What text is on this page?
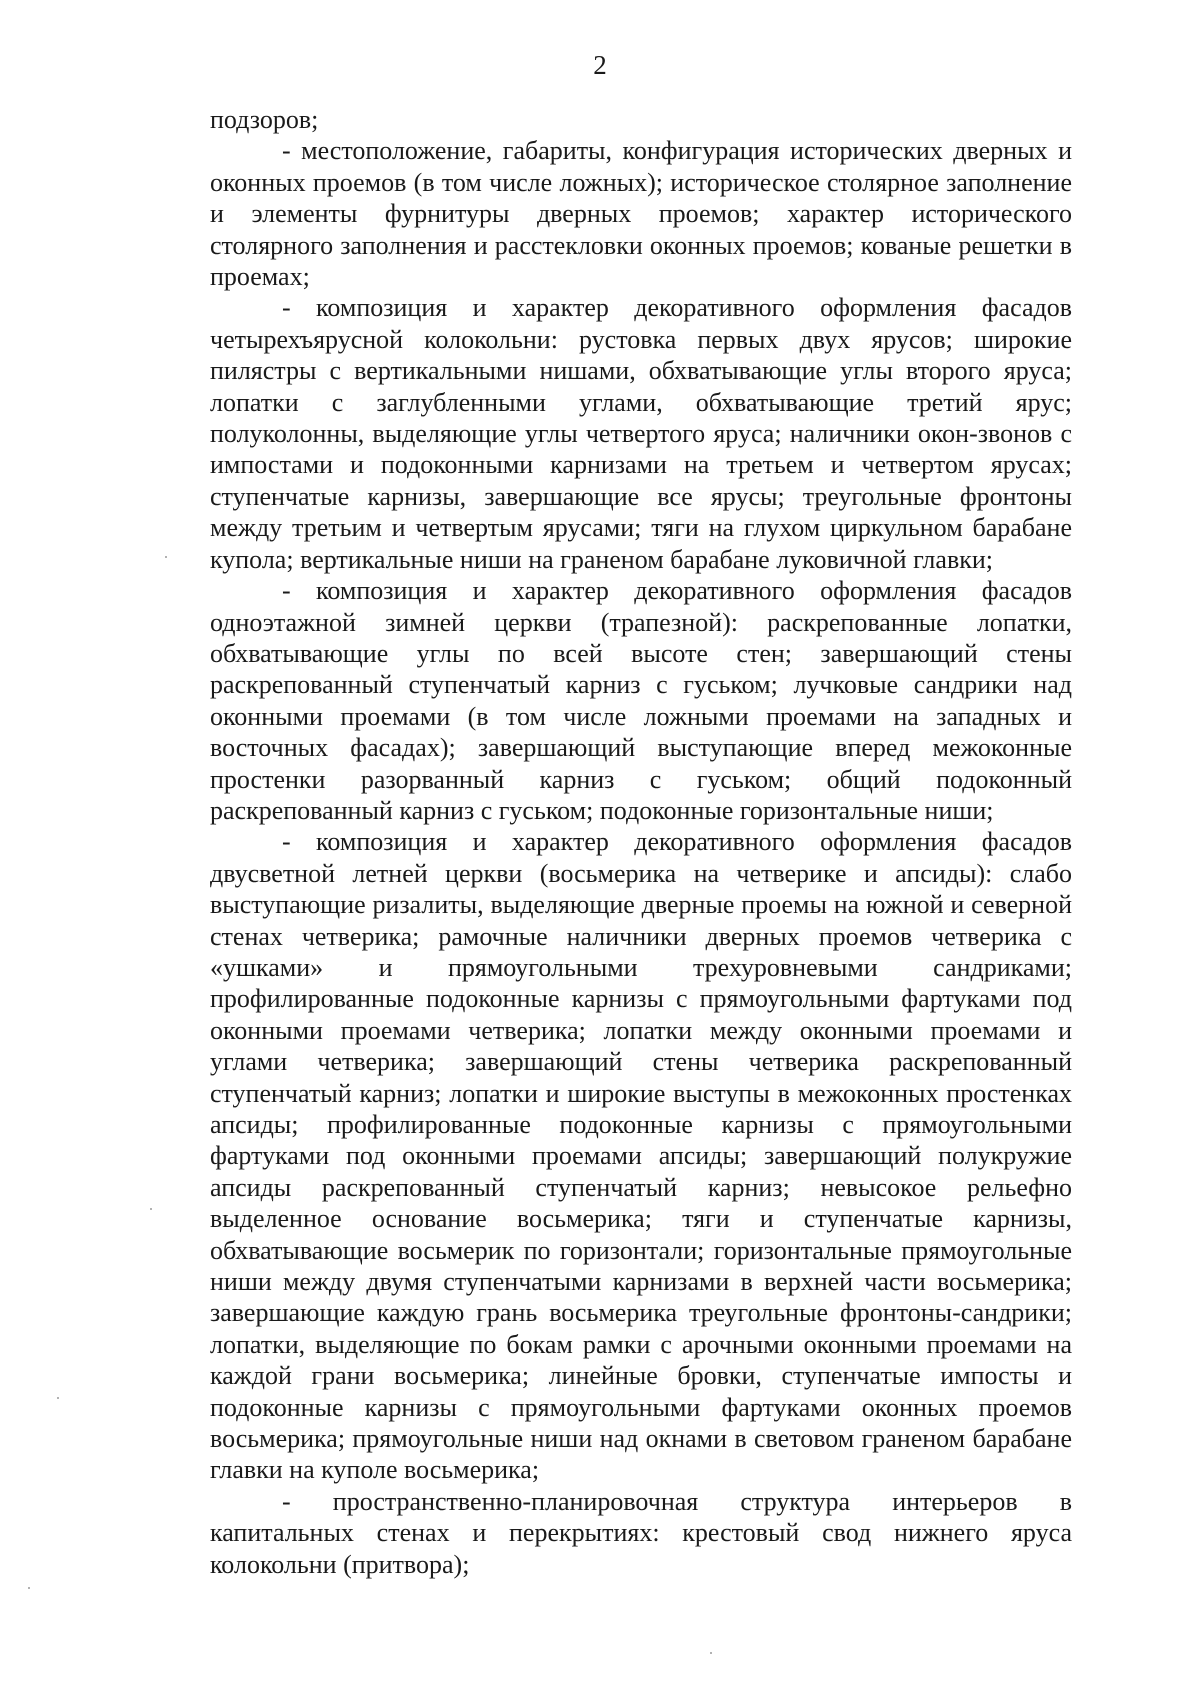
2

подзоров;

- местоположение, габариты, конфигурация исторических дверных и оконных проемов (в том числе ложных); историческое столярное заполнение и элементы фурнитуры дверных проемов; характер исторического столярного заполнения и расстекловки оконных проемов; кованые решетки в проемах;

- композиция и характер декоративного оформления фасадов четырехъярусной колокольни: рустовка первых двух ярусов; широкие пилястры с вертикальными нишами, обхватывающие углы второго яруса; лопатки с заглубленными углами, обхватывающие третий ярус; полуколонны, выделяющие углы четвертого яруса; наличники окон-звонов с импостами и подоконными карнизами на третьем и четвертом ярусах; ступенчатые карнизы, завершающие все ярусы; треугольные фронтоны между третьим и четвертым ярусами; тяги на глухом циркульном барабане купола; вертикальные ниши на граненом барабане луковичной главки;

- композиция и характер декоративного оформления фасадов одноэтажной зимней церкви (трапезной): раскрепованные лопатки, обхватывающие углы по всей высоте стен; завершающий стены раскрепованный ступенчатый карниз с гуськом; лучковые сандрики над оконными проемами (в том числе ложными проемами на западных и восточных фасадах); завершающий выступающие вперед межоконные простенки разорванный карниз с гуськом; общий подоконный раскрепованный карниз с гуськом; подоконные горизонтальные ниши;

- композиция и характер декоративного оформления фасадов двусветной летней церкви (восьмерика на четверике и апсиды): слабо выступающие ризалиты, выделяющие дверные проемы на южной и северной стенах четверика; рамочные наличники дверных проемов четверика с «ушками» и прямоугольными трехуровневыми сандриками; профилированные подоконные карнизы с прямоугольными фартуками под оконными проемами четверика; лопатки между оконными проемами и углами четверика; завершающий стены четверика раскрепованный ступенчатый карниз; лопатки и широкие выступы в межоконных простенках апсиды; профилированные подоконные карнизы с прямоугольными фартуками под оконными проемами апсиды; завершающий полукружие апсиды раскрепованный ступенчатый карниз; невысокое рельефно выделенное основание восьмерика; тяги и ступенчатые карнизы, обхватывающие восьмерик по горизонтали; горизонтальные прямоугольные ниши между двумя ступенчатыми карнизами в верхней части восьмерика; завершающие каждую грань восьмерика треугольные фронтоны-сандрики; лопатки, выделяющие по бокам рамки с арочными оконными проемами на каждой грани восьмерика; линейные бровки, ступенчатые импосты и подоконные карнизы с прямоугольными фартуками оконных проемов восьмерика; прямоугольные ниши над окнами в световом граненом барабане главки на куполе восьмерика;

- пространственно-планировочная структура интерьеров в капитальных стенах и перекрытиях: крестовый свод нижнего яруса колокольни (притвора);
